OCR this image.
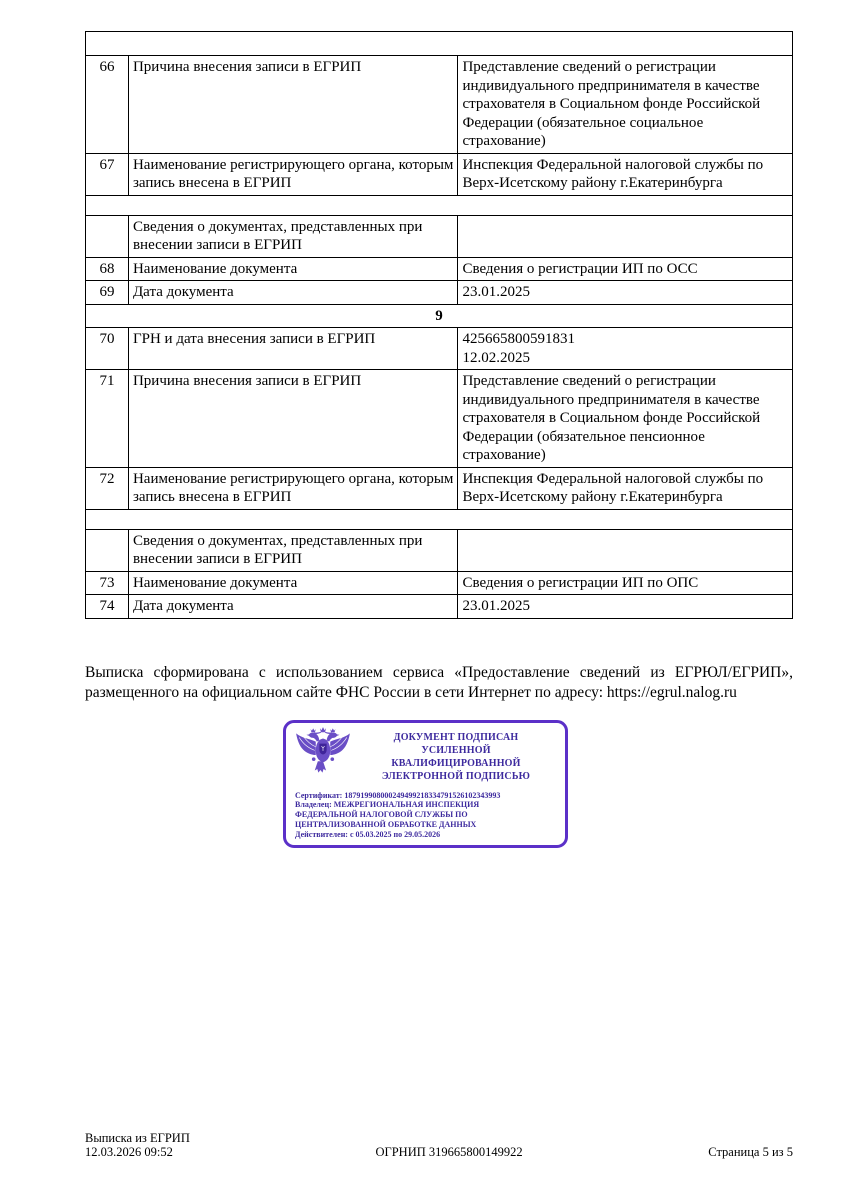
66	Причина внесения записи в ЕГРИП	Представление сведений о регистрации индивидуального предпринимателя в качестве страхователя в Социальном фонде Российской Федерации (обязательное социальное страхование)
67	Наименование регистрирующего органа, которым запись внесена в ЕГРИП	Инспекция Федеральной налоговой службы по Верх-Исетскому району г.Екатеринбурга

	Сведения о документах, представленных при внесении записи в ЕГРИП	
68	Наименование документа	Сведения о регистрации ИП по ОСС
69	Дата документа	23.01.2025
9		
70	ГРН и дата внесения записи в ЕГРИП	425665800591831
12.02.2025

71	Причина внесения записи в ЕГРИП	Представление сведений о регистрации индивидуального предпринимателя в качестве страхователя в Социальном фонде Российской Федерации (обязательное пенсионное страхование)
72	Наименование регистрирующего органа, которым запись внесена в ЕГРИП	Инспекция Федеральной налоговой службы по Верх-Исетскому району г.Екатеринбурга

	Сведения о документах, представленных при внесении записи в ЕГРИП	
73	Наименование документа	Сведения о регистрации ИП по ОПС
74	Дата документа	23.01.2025

Выписка сформирована с использованием сервиса «Предоставление сведений из ЕГРЮЛ/ЕГРИП», размещенного на официальном сайте ФНС России в сети Интернет по адресу: https://egrul.nalog.ru

ДОКУМЕНТ ПОДПИСАН
УСИЛЕННОЙ КВАЛИФИЦИРОВАННОЙ
ЭЛЕКТРОННОЙ ПОДПИСЬЮ
Сертификат: 187919908000249499218334791526102343993
Владелец: МЕЖРЕГИОНАЛЬНАЯ ИНСПЕКЦИЯ ФЕДЕРАЛЬНОЙ НАЛОГОВОЙ СЛУЖБЫ ПО ЦЕНТРАЛИЗОВАННОЙ ОБРАБОТКЕ ДАННЫХ
Действителен: с 05.03.2025 по 29.05.2026
Выписка из ЕГРИП
12.03.2026 09:52	ОГРНИП 319665800149922	Страница 5 из 5
